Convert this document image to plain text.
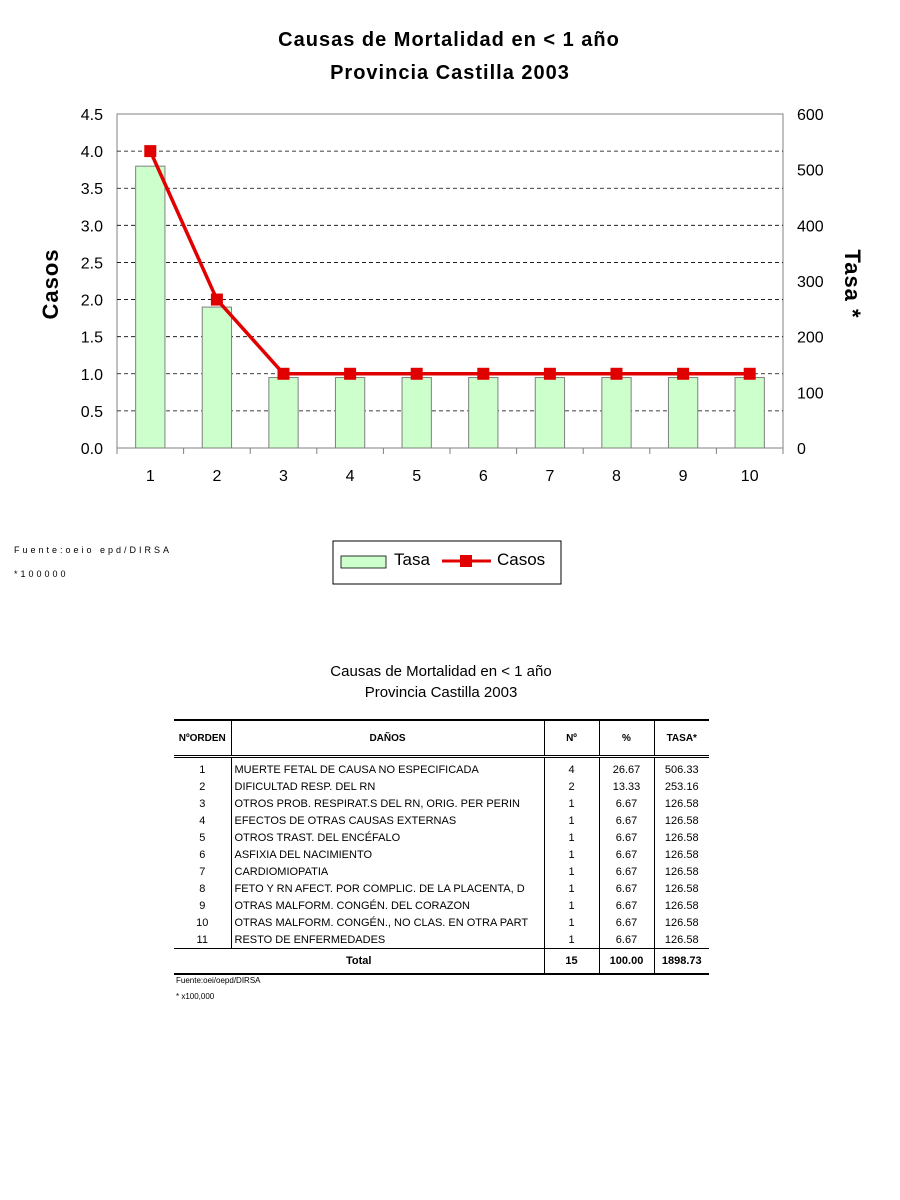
Causas de Mortalidad en < 1 año
Provincia Castilla 2003
1	2	3	4	5	6	7	8	9	10
0.0
0.5
1.0
1.5
2.0
2.5
3.0
3.5
4.0
4.5
0
100
200
300
400
500
600
Casos	Tasa *
Tasa	Casos
Fuente:oeio epd/DIRSA
*100000
Causas de Mortalidad en < 1 año
Provincia Castilla 2003
NºORDEN	DAÑOS	Nº	%	TASA*
1	MUERTE FETAL DE CAUSA NO ESPECIFICADA	4	26.67	506.33
2	DIFICULTAD RESP. DEL RN	2	13.33	253.16
3	OTROS PROB. RESPIRAT.S DEL RN, ORIG. PER PERIN	1	6.67	126.58
4	EFECTOS DE OTRAS CAUSAS EXTERNAS	1	6.67	126.58
5	OTROS TRAST. DEL ENCÉFALO	1	6.67	126.58
6	ASFIXIA DEL NACIMIENTO	1	6.67	126.58
7	CARDIOMIOPATIA	1	6.67	126.58
8	FETO Y RN AFECT. POR COMPLIC. DE LA PLACENTA, D	1	6.67	126.58
9	OTRAS MALFORM. CONGÉN. DEL CORAZON	1	6.67	126.58
10	OTRAS MALFORM. CONGÉN., NO CLAS. EN OTRA PART	1	6.67	126.58
11	RESTO DE ENFERMEDADES	1	6.67	126.58
Total		15	100.00	1898.73
Fuente:oei/oepd/DIRSA
* x100,000
